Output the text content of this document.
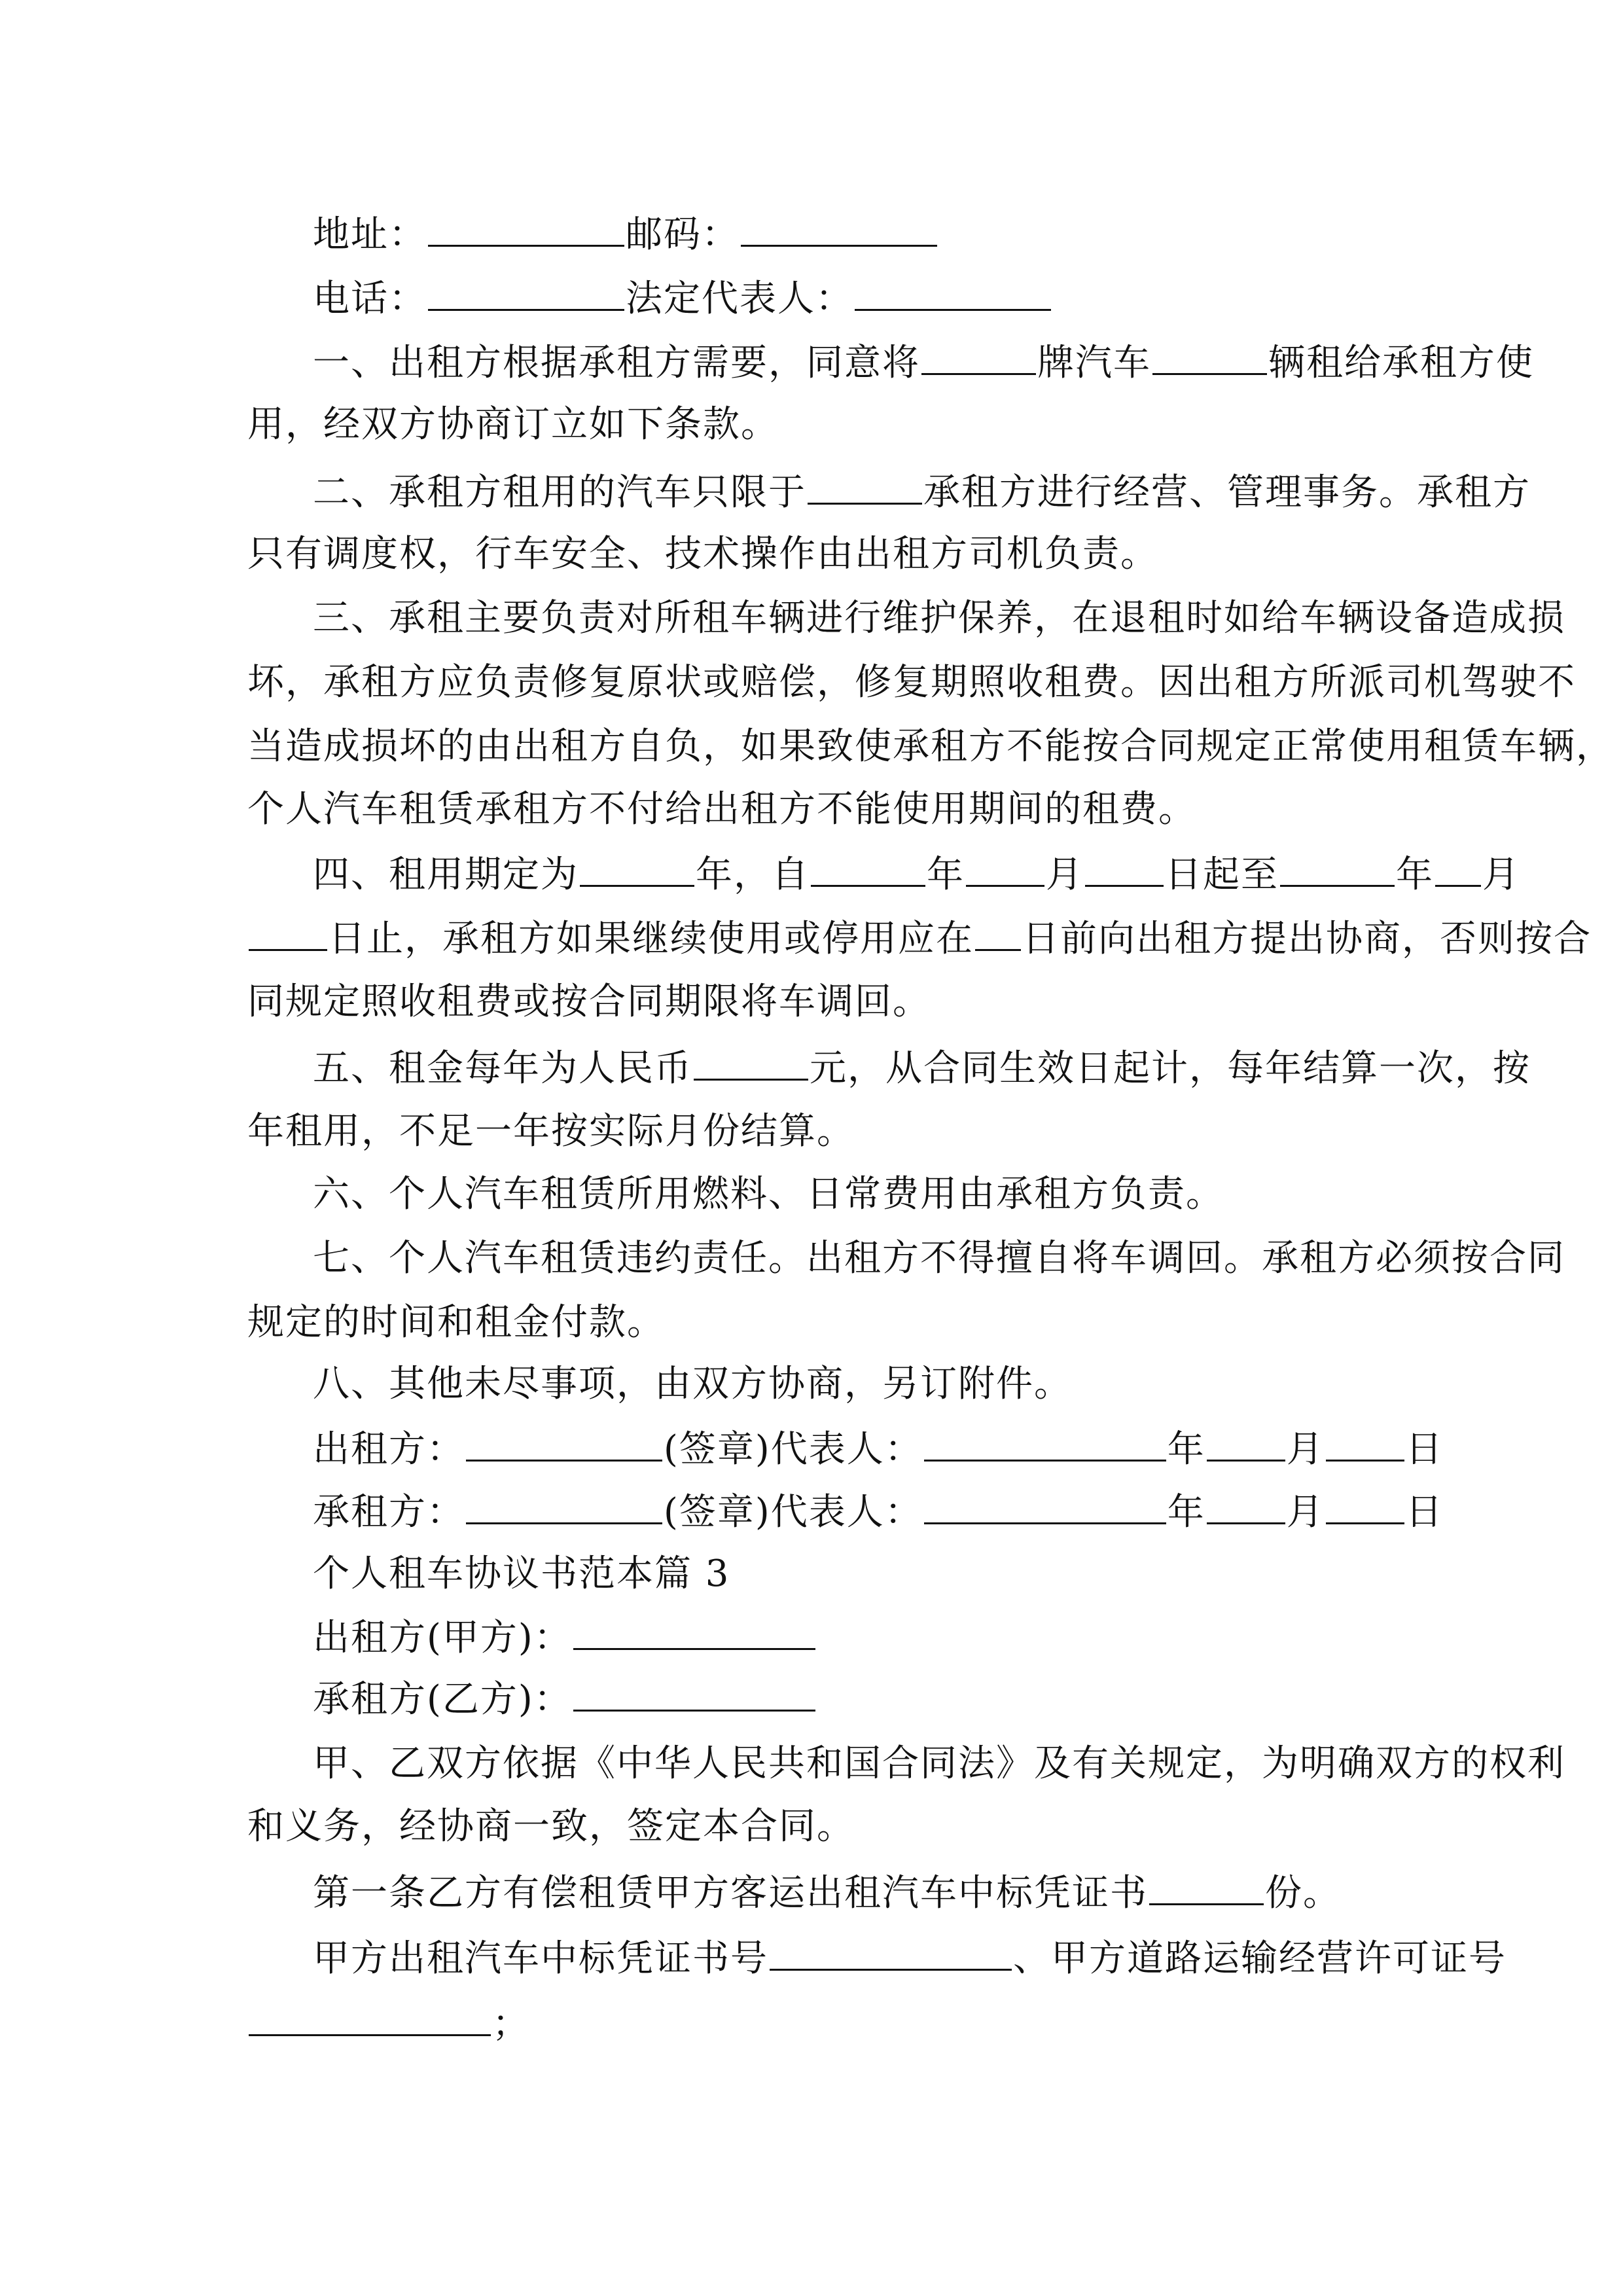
地址：	邮码：
电话：	法定代表人：
一、出租方根据承租方需要，同意将	牌汽车	辆租给承租方使
用，经双方协商订立如下条款。
二、承租方租用的汽车只限于	承租方进行经营、管理事务。承租方
只有调度权，行车安全、技术操作由出租方司机负责。
三、承租主要负责对所租车辆进行维护保养，在退租时如给车辆设备造成损
坏，承租方应负责修复原状或赔偿，修复期照收租费。因出租方所派司机驾驶不
当造成损坏的由出租方自负，如果致使承租方不能按合同规定正常使用租赁车辆，
个人汽车租赁承租方不付给出租方不能使用期间的租费。
四、租用期定为	年，自	年 月 日起至	年 月
日止，承租方如果继续使用或停用应在 日前向出租方提出协商，否则按合
同规定照收租费或按合同期限将车调回。
五、租金每年为人民币	元，从合同生效日起计，每年结算一次，按
年租用，不足一年按实际月份结算。
六、个人汽车租赁所用燃料、日常费用由承租方负责。
七、个人汽车租赁违约责任。出租方不得擅自将车调回。承租方必须按合同
规定的时间和租金付款。
八、其他未尽事项，由双方协商，另订附件。
出租方：	(签章)代表人：	年 月 日
承租方：	(签章)代表人：	年 月 日
个人租车协议书范本篇 3
出租方(甲方)：
承租方(乙方)：
甲、乙双方依据《中华人民共和国合同法》及有关规定，为明确双方的权利
和义务，经协商一致，签定本合同。
第一条乙方有偿租赁甲方客运出租汽车中标凭证书	份。
甲方出租汽车中标凭证书号	、甲方道路运输经营许可证号
；
